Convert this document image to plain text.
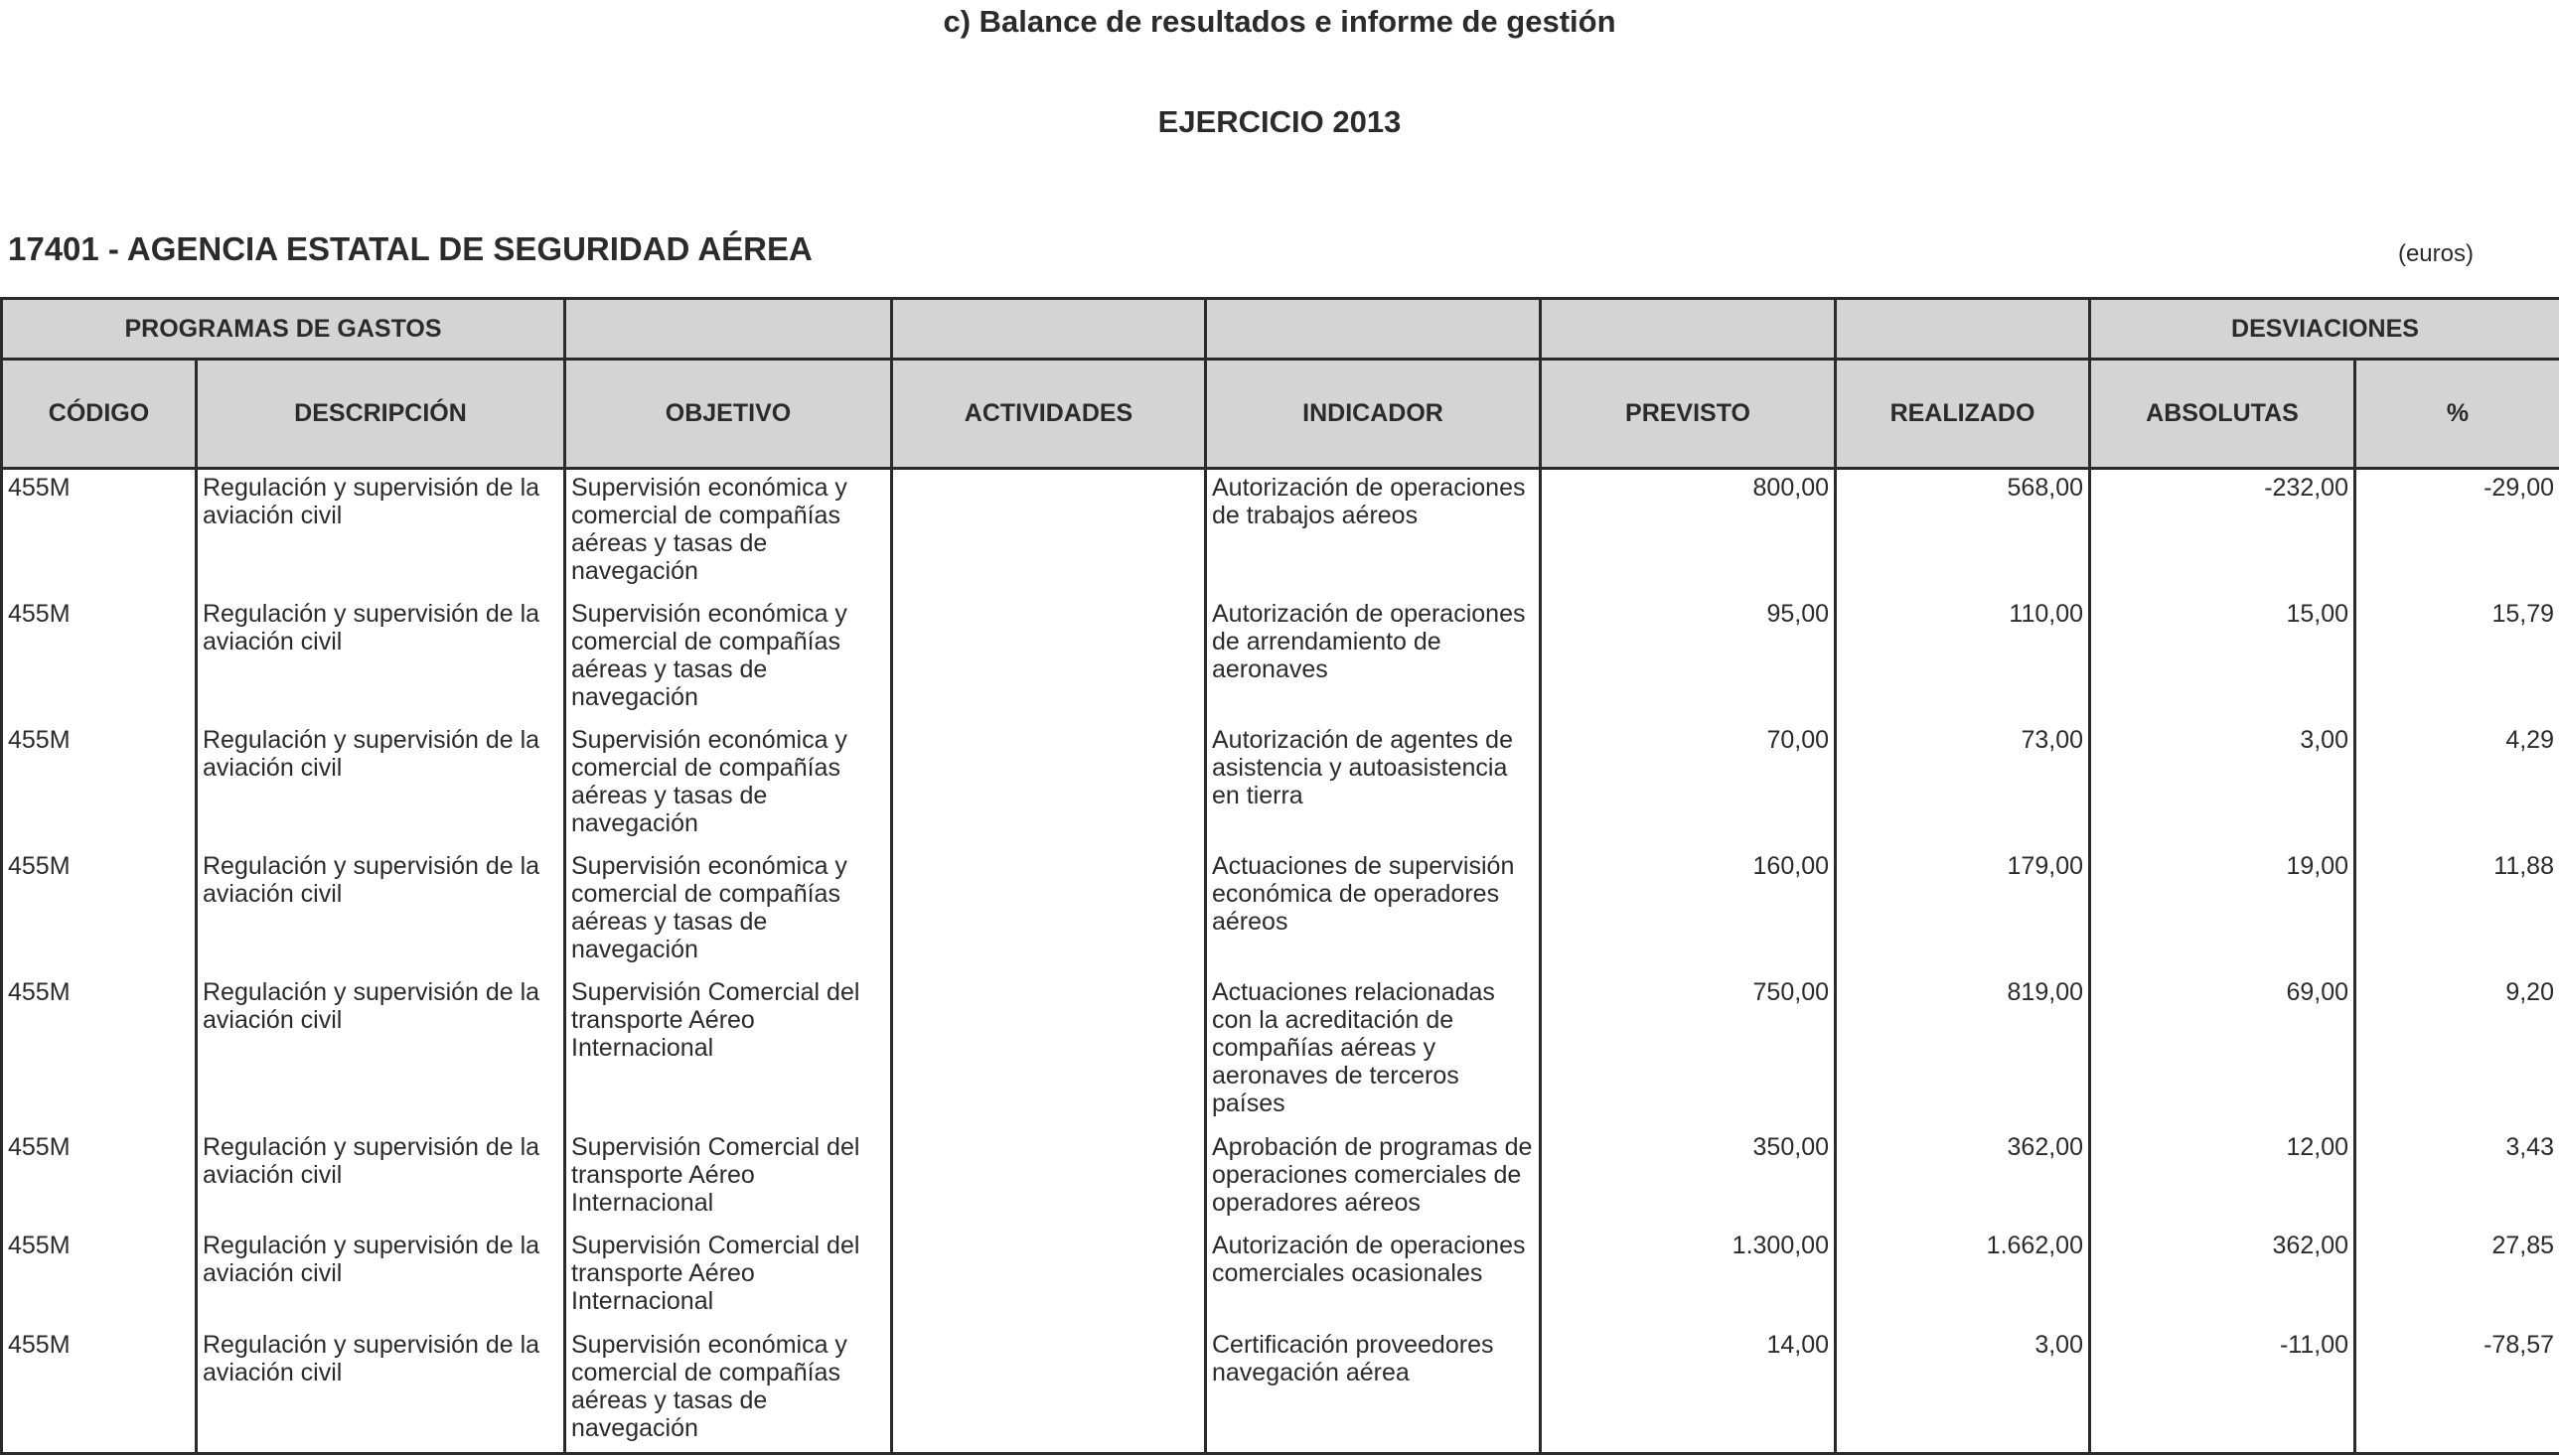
c) Balance de resultados e informe de gestión
EJERCICIO 2013
17401 - AGENCIA ESTATAL DE SEGURIDAD AÉREA	(euros)
PROGRAMAS DE GASTOS							DESVIACIONES	
CÓDIGO	DESCRIPCIÓN	OBJETIVO	ACTIVIDADES	INDICADOR	PREVISTO	REALIZADO	ABSOLUTAS	%
455M	Regulación y supervisión de la aviación civil	Supervisión económica y comercial de compañías aéreas y tasas de navegación		Autorización de operaciones de trabajos aéreos	800,00	568,00	-232,00	-29,00
455M	Regulación y supervisión de la aviación civil	Supervisión económica y comercial de compañías aéreas y tasas de navegación		Autorización de operaciones de arrendamiento de aeronaves	95,00	110,00	15,00	15,79
455M	Regulación y supervisión de la aviación civil	Supervisión económica y comercial de compañías aéreas y tasas de navegación		Autorización de agentes de asistencia y autoasistencia en tierra	70,00	73,00	3,00	4,29
455M	Regulación y supervisión de la aviación civil	Supervisión económica y comercial de compañías aéreas y tasas de navegación		Actuaciones de supervisión económica de operadores aéreos	160,00	179,00	19,00	11,88
455M	Regulación y supervisión de la aviación civil	Supervisión Comercial del transporte Aéreo Internacional		Actuaciones relacionadas con la acreditación de compañías aéreas y aeronaves de terceros países	750,00	819,00	69,00	9,20
455M	Regulación y supervisión de la aviación civil	Supervisión Comercial del transporte Aéreo Internacional		Aprobación de programas de operaciones comerciales de operadores aéreos	350,00	362,00	12,00	3,43
455M	Regulación y supervisión de la aviación civil	Supervisión Comercial del transporte Aéreo Internacional		Autorización de operaciones comerciales ocasionales	1.300,00	1.662,00	362,00	27,85
455M	Regulación y supervisión de la aviación civil	Supervisión económica y comercial de compañías aéreas y tasas de navegación		Certificación proveedores navegación aérea	14,00	3,00	-11,00	-78,57
